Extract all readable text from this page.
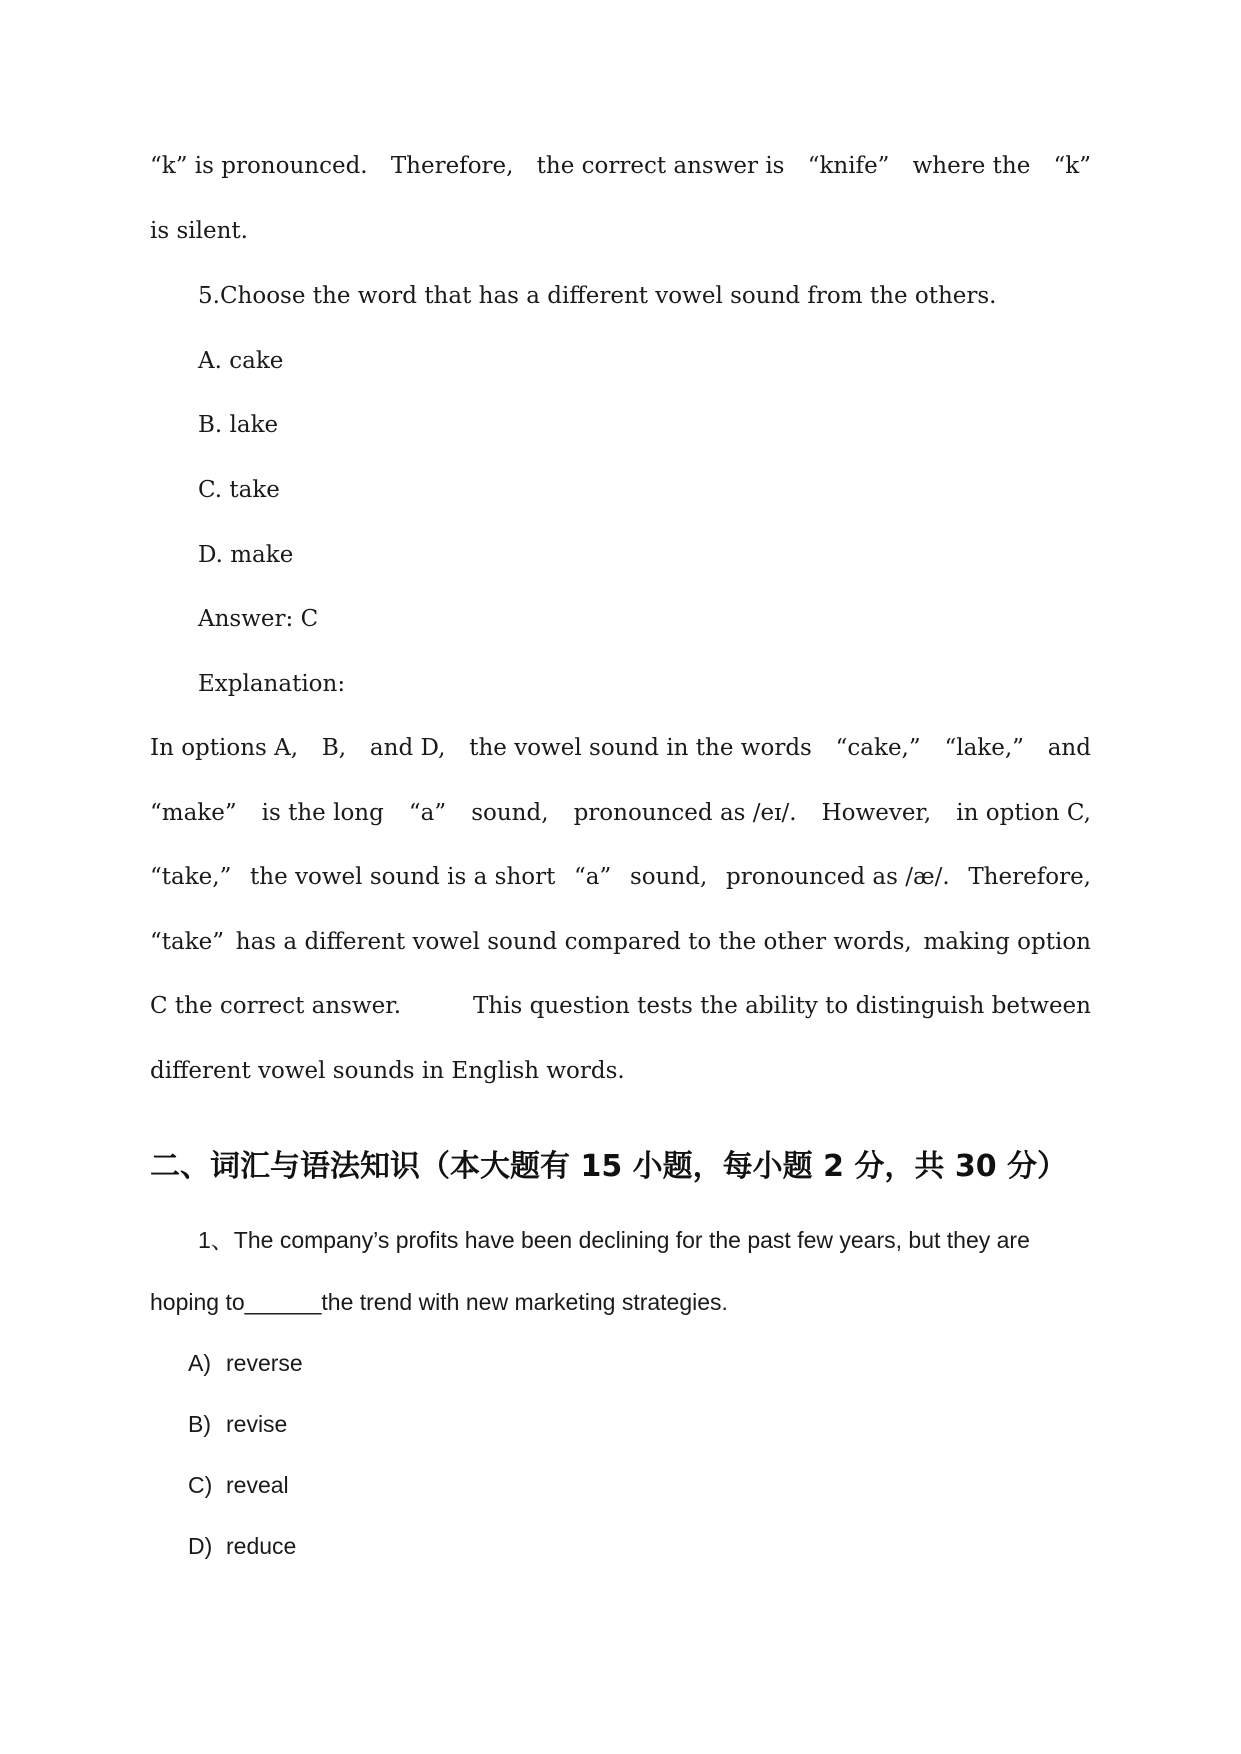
“k” is pronounced. Therefore, the correct answer is “knife” where the “k”
is silent.
5.Choose the word that has a different vowel sound from the others.
A. cake
B. lake
C. take
D. make
Answer: C
Explanation:
In options A, B, and D, the vowel sound in the words “cake,” “lake,” and
“make” is the long “a” sound, pronounced as /eɪ/. However, in option C,
“take,” the vowel sound is a short “a” sound, pronounced as /æ/. Therefore,
“take” has a different vowel sound compared to the other words, making option
C the correct answer.	This question tests the ability to distinguish between
different vowel sounds in English words.
二、词汇与语法知识（本大题有 15 小题，每小题 2 分，共 30 分）
1、The company’s profits have been declining for the past few years, but they are
hoping to______the trend with new marketing strategies.
A) reverse
B) revise
C) reveal
D) reduce
